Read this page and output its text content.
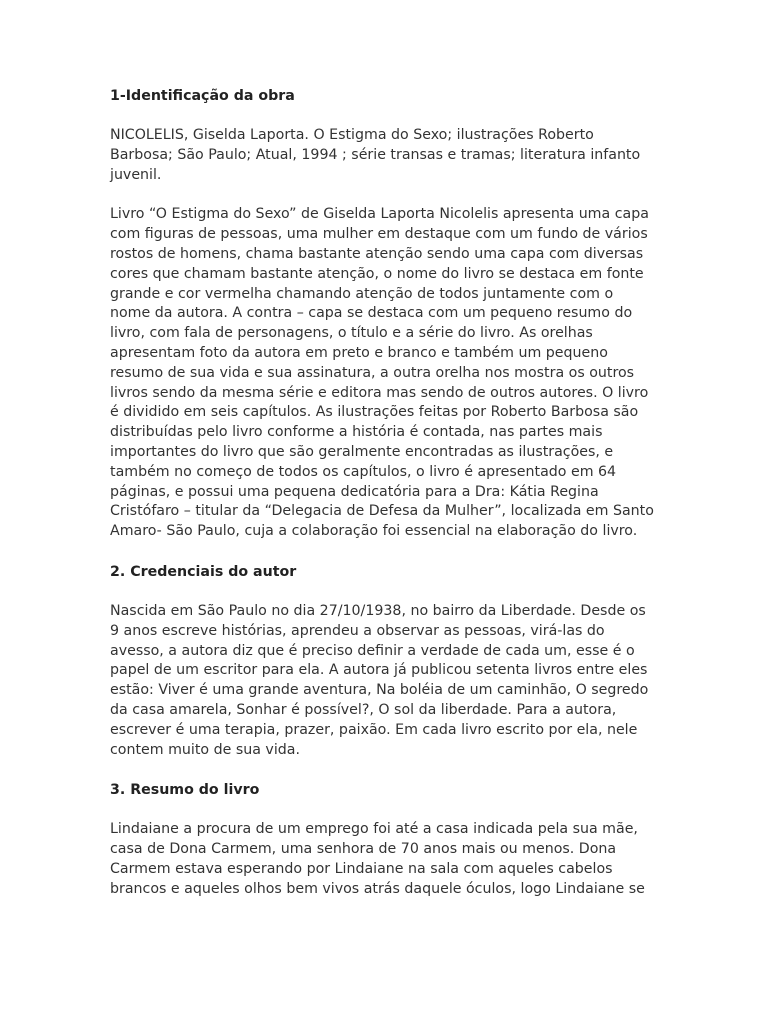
1-Identificação da obra

NICOLELIS, Giselda Laporta. O Estigma do Sexo; ilustrações Roberto
Barbosa; São Paulo; Atual, 1994 ; série transas e tramas; literatura infanto
juvenil.

Livro “O Estigma do Sexo” de Giselda Laporta Nicolelis apresenta uma capa
com figuras de pessoas, uma mulher em destaque com um fundo de vários
rostos de homens, chama bastante atenção sendo uma capa com diversas
cores que chamam bastante atenção, o nome do livro se destaca em fonte
grande e cor vermelha chamando atenção de todos juntamente com o
nome da autora. A contra – capa se destaca com um pequeno resumo do
livro, com fala de personagens, o título e a série do livro. As orelhas
apresentam foto da autora em preto e branco e também um pequeno
resumo de sua vida e sua assinatura, a outra orelha nos mostra os outros
livros sendo da mesma série e editora mas sendo de outros autores. O livro
é dividido em seis capítulos. As ilustrações feitas por Roberto Barbosa são
distribuídas pelo livro conforme a história é contada, nas partes mais
importantes do livro que são geralmente encontradas as ilustrações, e
também no começo de todos os capítulos, o livro é apresentado em 64
páginas, e possui uma pequena dedicatória para a Dra: Kátia Regina
Cristófaro – titular da “Delegacia de Defesa da Mulher”, localizada em Santo
Amaro- São Paulo, cuja a colaboração foi essencial na elaboração do livro.

2. Credenciais do autor

Nascida em São Paulo no dia 27/10/1938, no bairro da Liberdade. Desde os
9 anos escreve histórias, aprendeu a observar as pessoas, virá-las do
avesso, a autora diz que é preciso definir a verdade de cada um, esse é o
papel de um escritor para ela. A autora já publicou setenta livros entre eles
estão: Viver é uma grande aventura, Na boléia de um caminhão, O segredo
da casa amarela, Sonhar é possível?, O sol da liberdade. Para a autora,
escrever é uma terapia, prazer, paixão. Em cada livro escrito por ela, nele
contem muito de sua vida.

3. Resumo do livro

Lindaiane a procura de um emprego foi até a casa indicada pela sua mãe,
casa de Dona Carmem, uma senhora de 70 anos mais ou menos. Dona
Carmem estava esperando por Lindaiane na sala com aqueles cabelos
brancos e aqueles olhos bem vivos atrás daquele óculos, logo Lindaiane se
